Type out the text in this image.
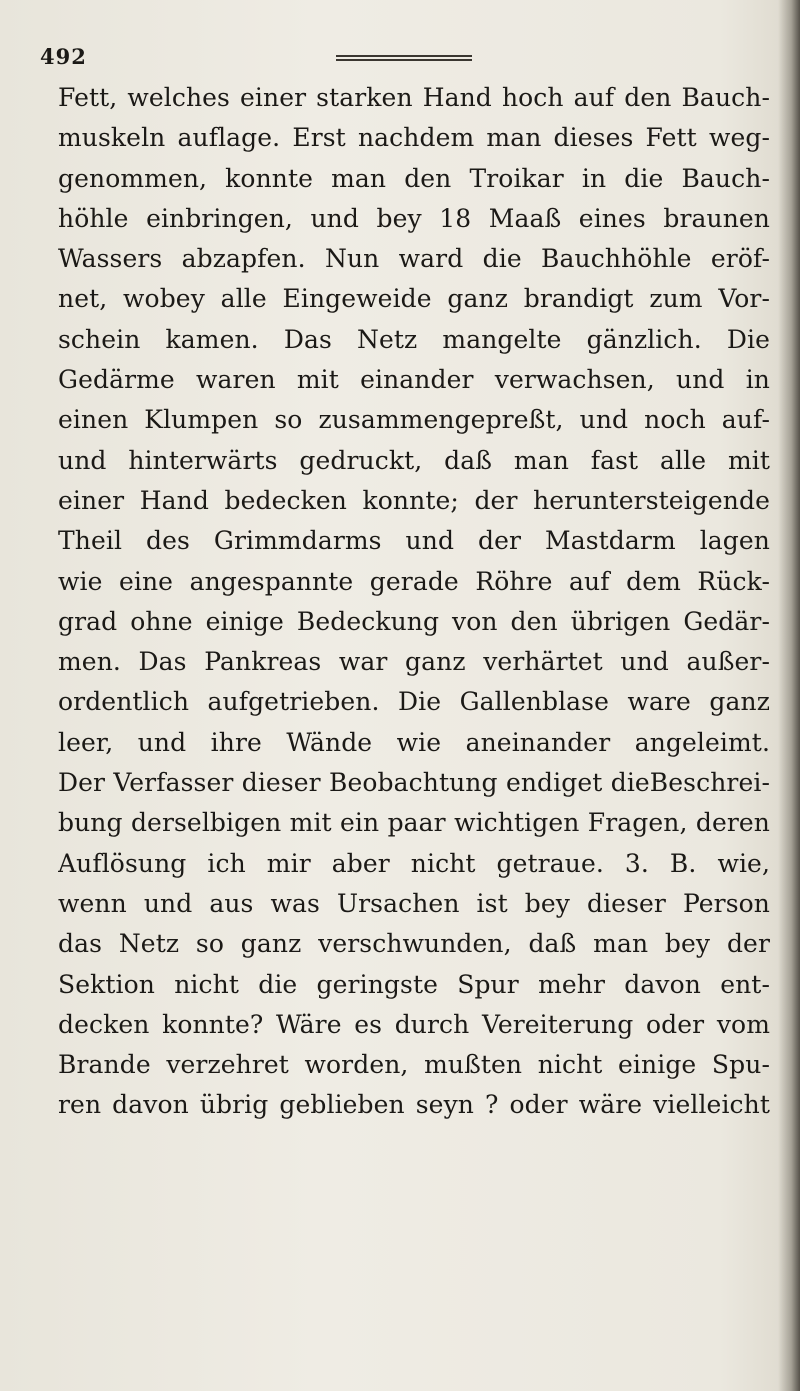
492
Fett, welches einer starken Hand hoch auf den Bauch-
muskeln auflage. Erst nachdem man dieses Fett weg-
genommen, konnte man den Troikar in die Bauch-
höhle einbringen, und bey 18 Maaß eines braunen
Wassers abzapfen. Nun ward die Bauchhöhle eröf-
net, wobey alle Eingeweide ganz brandigt zum Vor-
schein kamen. Das Netz mangelte gänzlich. Die
Gedärme waren mit einander verwachsen, und in
einen Klumpen so zusammengepreßt, und noch auf-
und hinterwärts gedruckt, daß man fast alle mit
einer Hand bedecken konnte; der heruntersteigende
Theil des Grimmdarms und der Mastdarm lagen
wie eine angespannte gerade Röhre auf dem Rück-
grad ohne einige Bedeckung von den übrigen Gedär-
men. Das Pankreas war ganz verhärtet und außer-
ordentlich aufgetrieben. Die Gallenblase ware ganz
leer, und ihre Wände wie aneinander angeleimt.
Der Verfasser dieser Beobachtung endiget dieBeschrei-
bung derselbigen mit ein paar wichtigen Fragen, deren
Auflösung ich mir aber nicht getraue. 3. B. wie,
wenn und aus was Ursachen ist bey dieser Person
das Netz so ganz verschwunden, daß man bey der
Sektion nicht die geringste Spur mehr davon ent-
decken konnte? Wäre es durch Vereiterung oder vom
Brande verzehret worden, mußten nicht einige Spu-
ren davon übrig geblieben seyn ? oder wäre vielleicht
